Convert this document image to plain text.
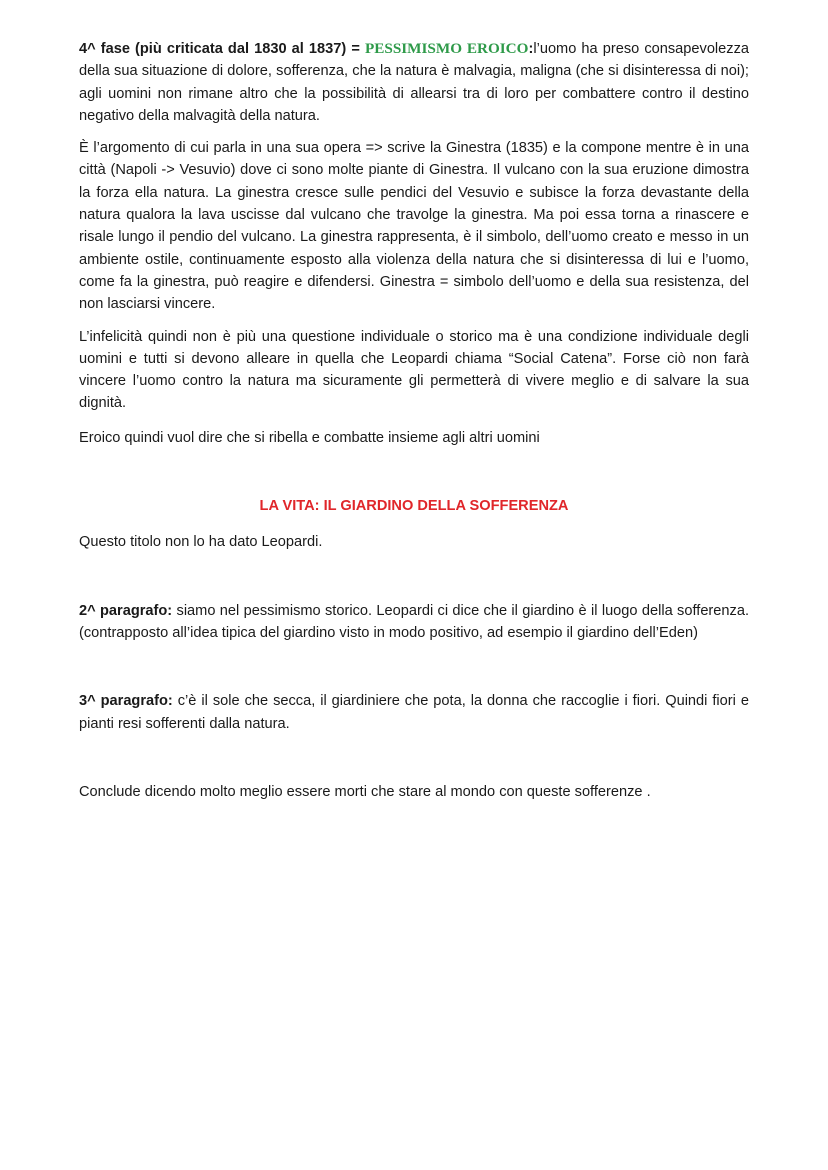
4^ fase (più criticata dal 1830 al 1837) = PESSIMISMO EROICO:l’uomo ha preso consapevolezza della sua situazione di dolore, sofferenza, che la natura è malvagia, maligna (che si disinteressa di noi); agli uomini non rimane altro che la possibilità di allearsi tra di loro per combattere contro il destino negativo della malvagità della natura.

È l’argomento di cui parla in una sua opera => scrive la Ginestra (1835) e la compone mentre è in una città (Napoli -> Vesuvio) dove ci sono molte piante di Ginestra. Il vulcano con la sua eruzione dimostra la forza ella natura. La ginestra cresce sulle pendici del Vesuvio e subisce la forza devastante della natura qualora la lava uscisse dal vulcano che travolge la ginestra. Ma poi essa torna a rinascere e risale lungo il pendio del vulcano. La ginestra rappresenta, è il simbolo, dell’uomo creato e messo in un ambiente ostile, continuamente esposto alla violenza della natura che si disinteressa di lui e l’uomo, come fa la ginestra, può reagire e difendersi. Ginestra = simbolo dell’uomo e della sua resistenza, del non lasciarsi vincere.

L’infelicità quindi non è più una questione individuale o storico ma è una condizione individuale degli uomini e tutti si devono alleare in quella che Leopardi chiama “Social Catena”. Forse ciò non farà vincere l’uomo contro la natura ma sicuramente gli permetterà di vivere meglio e di salvare la sua dignità.

Eroico quindi vuol dire che si ribella e combatte insieme agli altri uomini

LA VITA: IL GIARDINO DELLA SOFFERENZA

Questo titolo non lo ha dato Leopardi.

2^ paragrafo: siamo nel pessimismo storico. Leopardi ci dice che il giardino è il luogo della sofferenza. (contrapposto all’idea tipica del giardino visto in modo positivo, ad esempio il giardino dell’Eden)

3^ paragrafo: c’è il sole che secca, il giardiniere che pota, la donna che raccoglie i fiori. Quindi fiori e pianti resi sofferenti dalla natura.

Conclude dicendo molto meglio essere morti che stare al mondo con queste sofferenze .
